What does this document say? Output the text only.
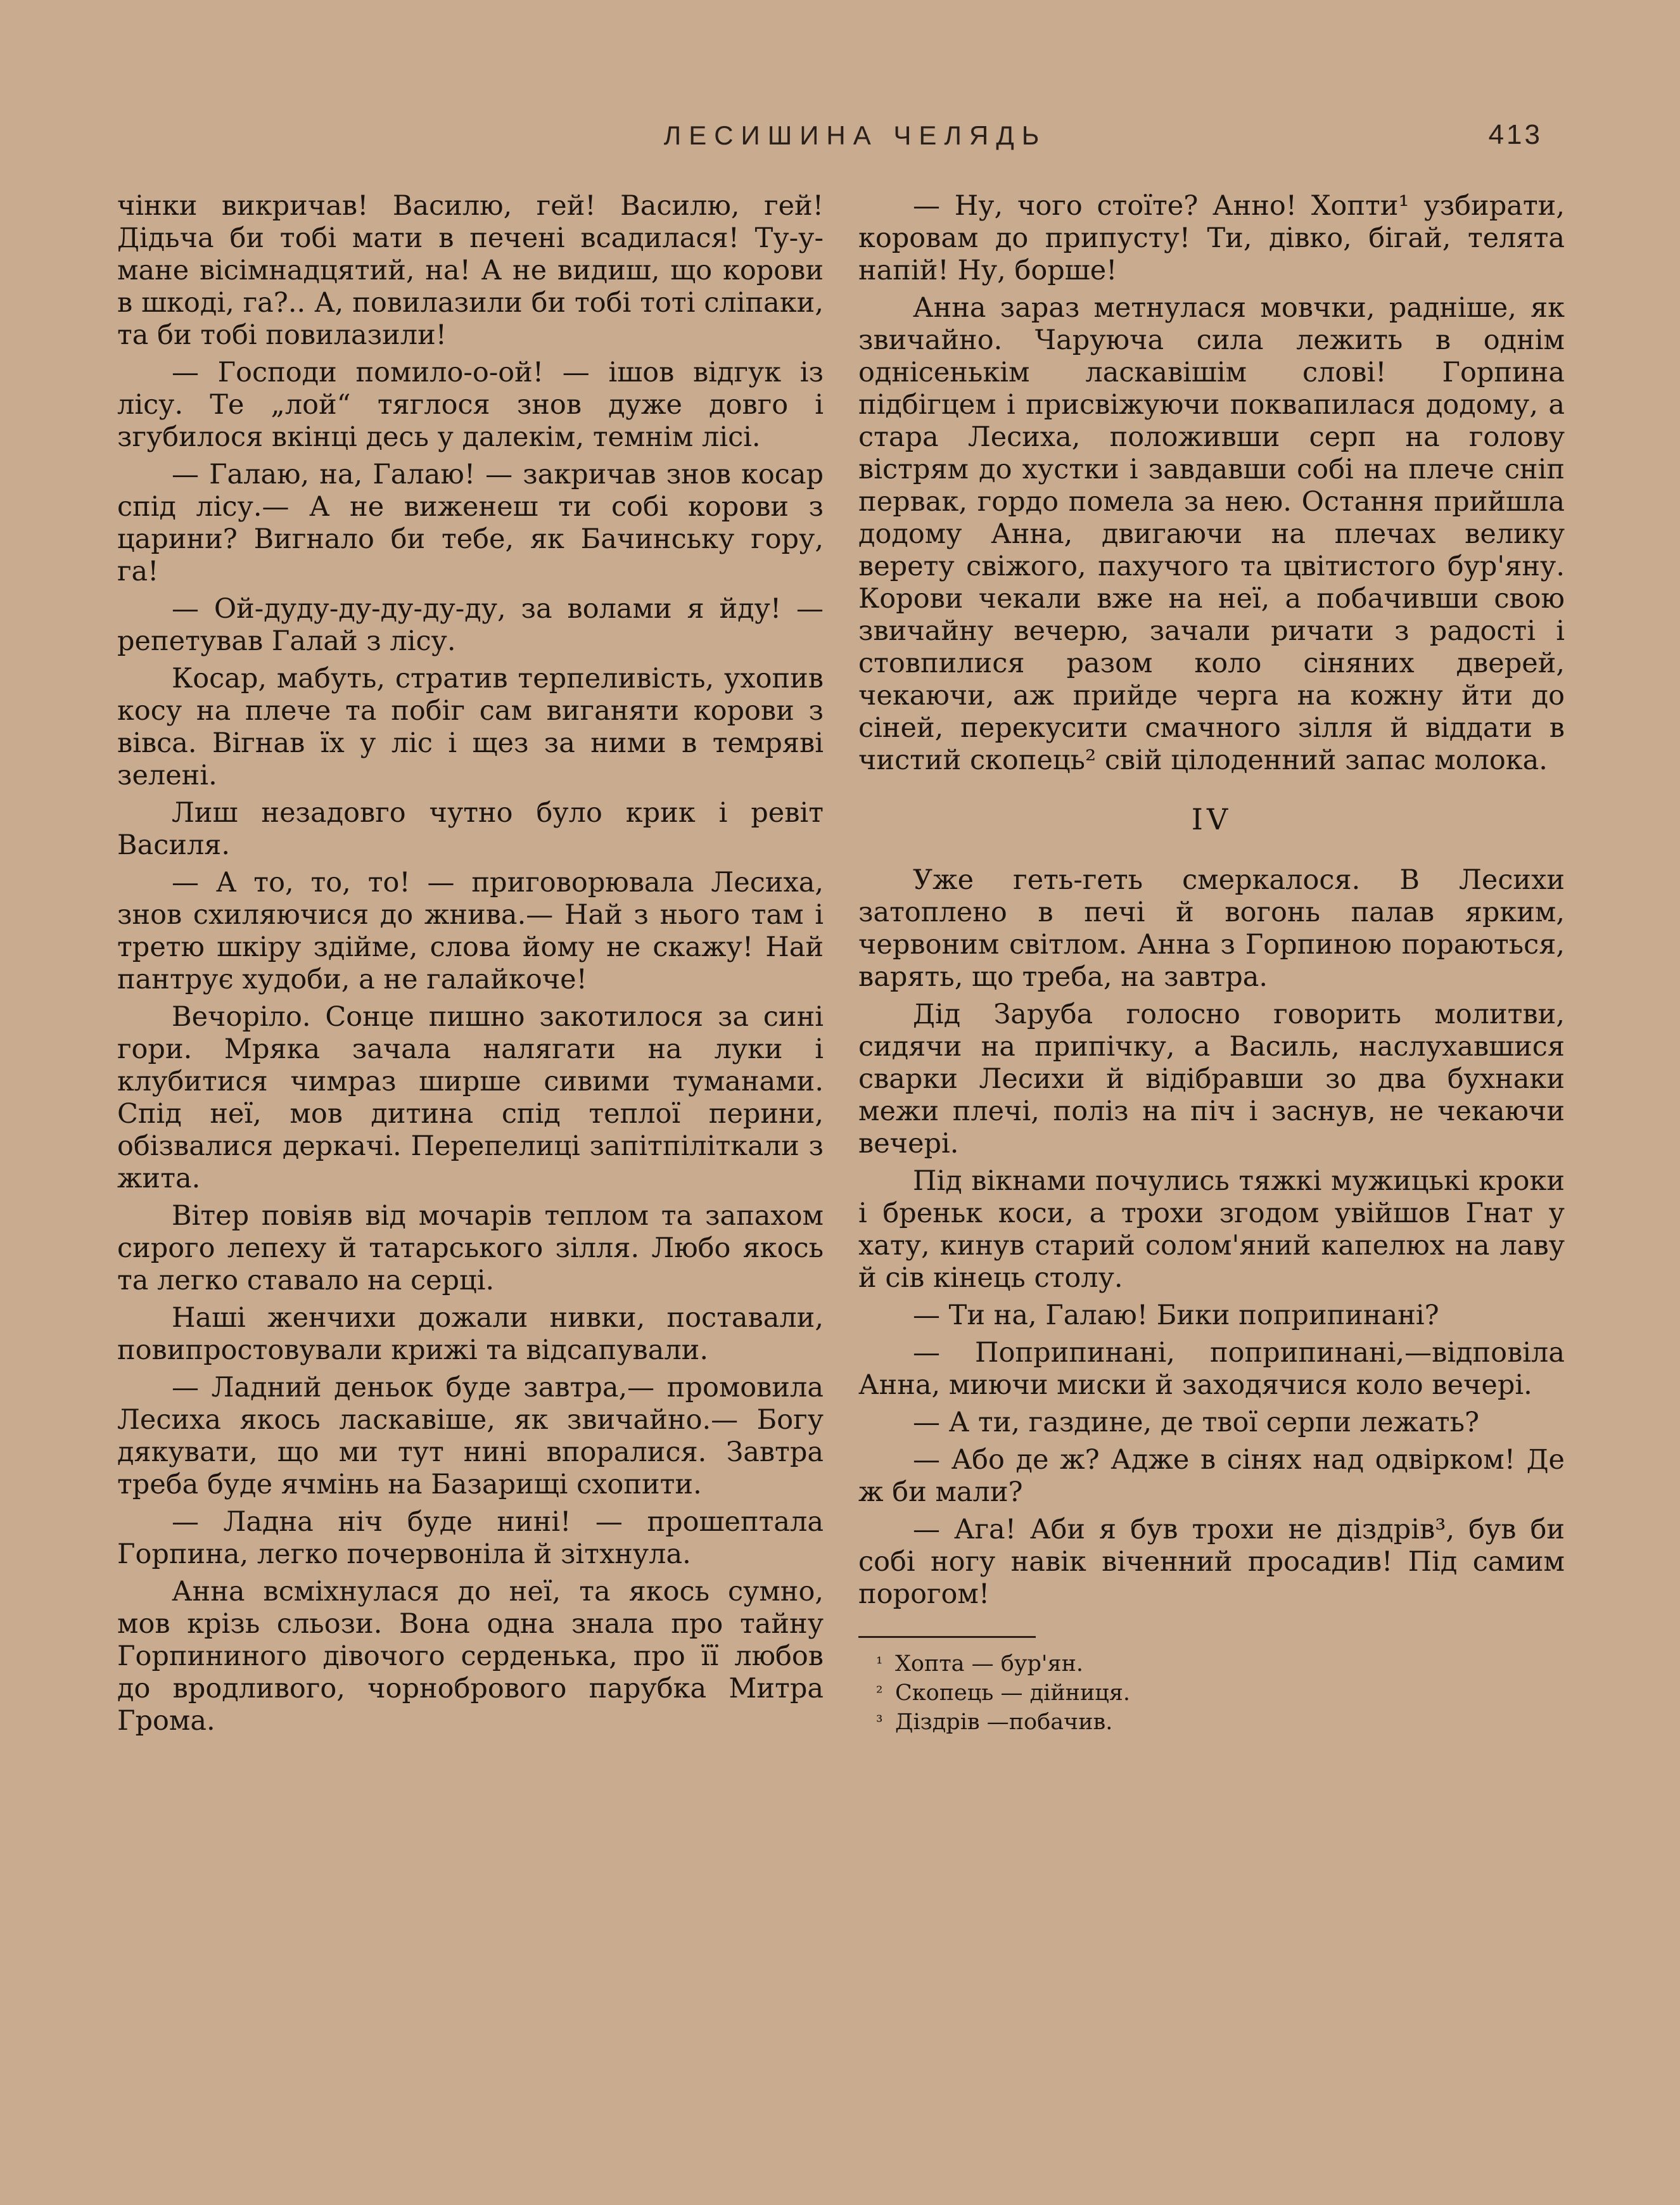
ЛЕСИШИНА ЧЕЛЯДЬ	413

чінки викричав! Василю, гей! Василю, гей! Дідьча би тобі мати в печені всадилася! Ту-у-мане вісімнадцятий, на! А не видиш, що корови в шкоді, га?.. А, повилазили би тобі тоті сліпаки, та би тобі повилазили!

— Господи помило-о-ой! — ішов відгук із лісу. Те „лой“ тяглося знов дуже довго і згубилося вкінці десь у далекім, темнім лісі.

— Галаю, на, Галаю! — закричав знов косар спід лісу.— А не виженеш ти собі корови з царини? Вигнало би тебе, як Бачинську гору, га!

— Ой-дуду-ду-ду-ду-ду, за волами я йду! — репетував Галай з лісу.

Косар, мабуть, стратив терпеливість, ухопив косу на плече та побіг сам виганяти корови з вівса. Вігнав їх у ліс і щез за ними в темряві зелені.

Лиш незадовго чутно було крик і ревіт Василя.

— А то, то, то! — приговорювала Лесиха, знов схиляючися до жнива.— Най з нього там і третю шкіру здійме, слова йому не скажу! Най пантрує худоби, а не галайкоче!

Вечоріло. Сонце пишно закотилося за сині гори. Мряка зачала налягати на луки і клубитися чимраз ширше сивими туманами. Спід неї, мов дитина спід теплої перини, обізвалися деркачі. Перепелиці запітпіліткали з жита.

Вітер повіяв від мочарів теплом та запахом сирого лепеху й татарського зілля. Любо якось та легко ставало на серці.

Наші женчихи дожали нивки, поставали, повипростовували крижі та відсапували.

— Ладний деньок буде завтра,— промовила Лесиха якось ласкавіше, як звичайно.— Богу дякувати, що ми тут нині впоралися. Завтра треба буде ячмінь на Базарищі схопити.

— Ладна ніч буде нині! — прошептала Горпина, легко почервоніла й зітхнула.

Анна всміхнулася до неї, та якось сумно, мов крізь сльози. Вона одна знала про тайну Горпининого дівочого серденька, про її любов до вродливого, чорнобрового парубка Митра Грома.

— Ну, чого стоїте? Анно! Хопти¹ узбирати, коровам до припусту! Ти, дівко, бігай, телята напій! Ну, борше!

Анна зараз метнулася мовчки, радніше, як звичайно. Чаруюча сила лежить в однім однісенькім ласкавішім слові! Горпина підбігцем і присвіжуючи поквапилася додому, а стара Лесиха, положивши серп на голову вістрям до хустки і завдавши собі на плече сніп первак, гордо помела за нею. Остання прийшла додому Анна, двигаючи на плечах велику верету свіжого, пахучого та цвітистого бур'яну. Корови чекали вже на неї, а побачивши свою звичайну вечерю, зачали ричати з радості і стовпилися разом коло сіняних дверей, чекаючи, аж прийде черга на кожну йти до сіней, перекусити смачного зілля й віддати в чистий скопець² свій цілоденний запас молока.

IV

Уже геть-геть смеркалося. В Лесихи затоплено в печі й вогонь палав ярким, червоним світлом. Анна з Горпиною пораються, варять, що треба, на завтра.

Дід Заруба голосно говорить молитви, сидячи на припічку, а Василь, наслухавшися сварки Лесихи й відібравши зо два бухнаки межи плечі, поліз на піч і заснув, не чекаючи вечері.

Під вікнами почулись тяжкі мужицькі кроки і бреньк коси, а трохи згодом увійшов Гнат у хату, кинув старий солом'яний капелюх на лаву й сів кінець столу.

— Ти на, Галаю! Бики поприпинані?

— Поприпинані, поприпинані,—відповіла Анна, миючи миски й заходячися коло вечері.

— А ти, газдине, де твої серпи лежать?

— Або де ж? Адже в сінях над одвірком! Де ж би мали?

— Ага! Аби я був трохи не дiздрів³, був би собі ногу навік віченний просадив! Під самим порогом!

¹ Хопта — бур'ян.
² Скопець — дійниця.
³ Діздрів —побачив.
